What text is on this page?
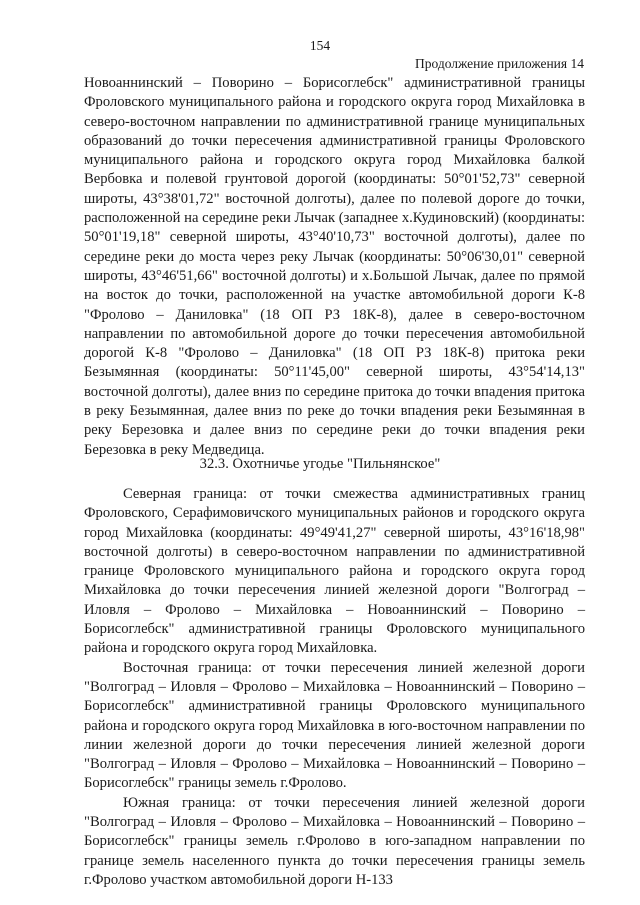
154
Продолжение приложения 14

Новоаннинский – Поворино – Борисоглебск" административной границы Фроловского муниципального района и городского округа город Михайловка в северо-восточном направлении по административной границе муниципальных образований до точки пересечения административной границы Фроловского муниципального района и городского округа город Михайловка балкой Вербовка и полевой грунтовой дорогой (координаты: 50°01'52,73" северной широты, 43°38'01,72" восточной долготы), далее по полевой дороге до точки, расположенной на середине реки Лычак (западнее х.Кудиновский) (координаты: 50°01'19,18" северной широты, 43°40'10,73" восточной долготы), далее по середине реки до моста через реку Лычак (координаты: 50°06'30,01" северной широты, 43°46'51,66" восточной долготы) и х.Большой Лычак, далее по прямой на восток до точки, расположенной на участке автомобильной дороги К-8 "Фролово – Даниловка" (18 ОП РЗ 18К-8), далее в северо-восточном направлении по автомобильной дороге до точки пересечения автомобильной дорогой К-8 "Фролово – Даниловка" (18 ОП РЗ 18К-8) притока реки Безымянная (координаты: 50°11'45,00" северной широты, 43°54'14,13" восточной долготы), далее вниз по середине притока до точки впадения притока в реку Безымянная, далее вниз по реке до точки впадения реки Безымянная в реку Березовка и далее вниз по середине реки до точки впадения реки Березовка в реку Медведица.

32.3. Охотничье угодье "Пильнянское"

Северная граница: от точки смежества административных границ Фроловского, Серафимовичского муниципальных районов и городского округа город Михайловка (координаты: 49°49'41,27" северной широты, 43°16'18,98" восточной долготы) в северо-восточном направлении по административной границе Фроловского муниципального района и городского округа город Михайловка до точки пересечения линией железной дороги "Волгоград – Иловля – Фролово – Михайловка – Новоаннинский – Поворино – Борисоглебск" административной границы Фроловского муниципального района и городского округа город Михайловка.

Восточная граница: от точки пересечения линией железной дороги "Волгоград – Иловля – Фролово – Михайловка – Новоаннинский – Поворино – Борисоглебск" административной границы Фроловского муниципального района и городского округа город Михайловка в юго-восточном направлении по линии железной дороги до точки пересечения линией железной дороги "Волгоград – Иловля – Фролово – Михайловка – Новоаннинский – Поворино – Борисоглебск" границы земель г.Фролово.

Южная граница: от точки пересечения линией железной дороги "Волгоград – Иловля – Фролово – Михайловка – Новоаннинский – Поворино – Борисоглебск" границы земель г.Фролово в юго-западном направлении по границе земель населенного пункта до точки пересечения границы земель г.Фролово участком автомобильной дороги Н-133
